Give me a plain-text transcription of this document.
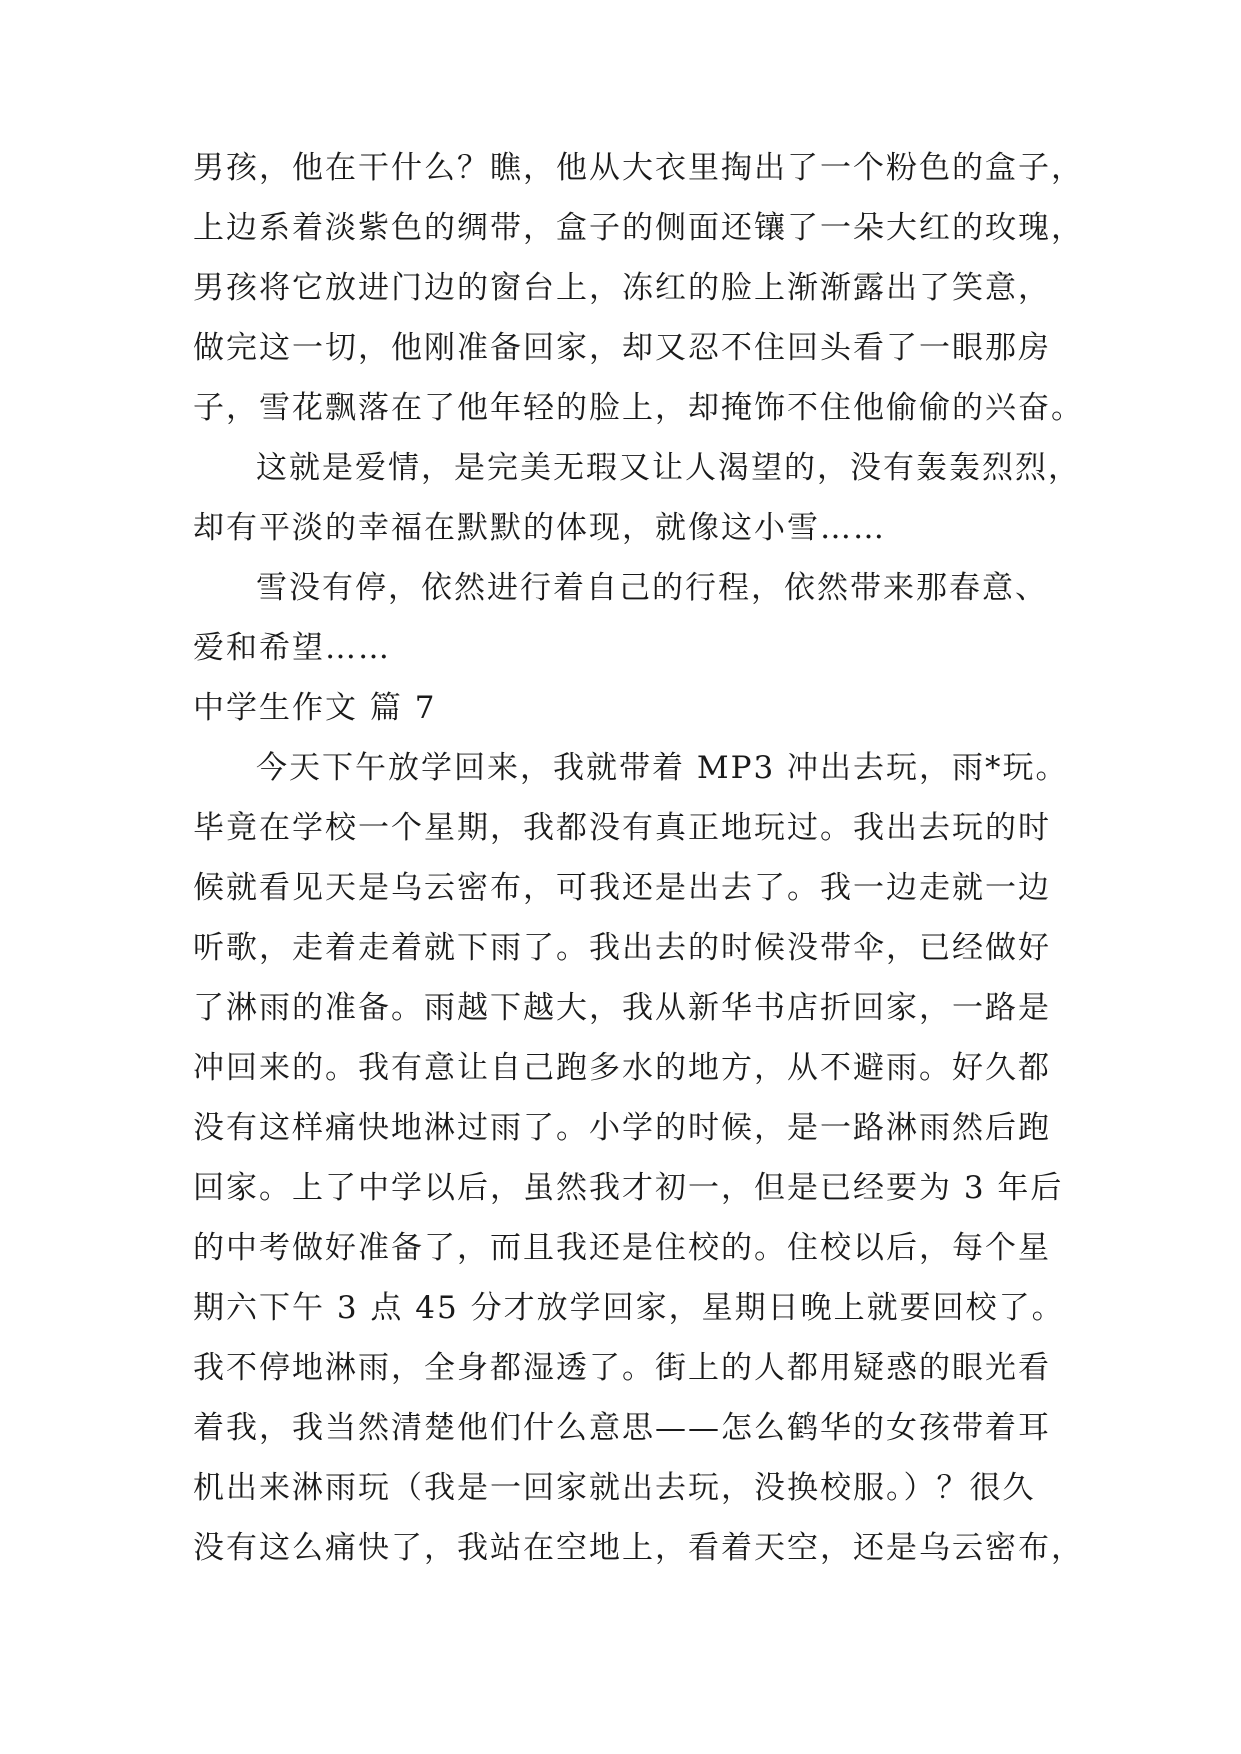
男孩，他在干什么？瞧，他从大衣里掏出了一个粉色的盒子，
上边系着淡紫色的绸带，盒子的侧面还镶了一朵大红的玫瑰，
男孩将它放进门边的窗台上，冻红的脸上渐渐露出了笑意，
做完这一切，他刚准备回家，却又忍不住回头看了一眼那房
子，雪花飘落在了他年轻的脸上，却掩饰不住他偷偷的兴奋。
这就是爱情，是完美无瑕又让人渴望的，没有轰轰烈烈，
却有平淡的幸福在默默的体现，就像这小雪……
雪没有停，依然进行着自己的行程，依然带来那春意、
爱和希望……
中学生作文 篇 7
今天下午放学回来，我就带着 MP3 冲出去玩，雨*玩。
毕竟在学校一个星期，我都没有真正地玩过。我出去玩的时
候就看见天是乌云密布，可我还是出去了。我一边走就一边
听歌，走着走着就下雨了。我出去的时候没带伞，已经做好
了淋雨的准备。雨越下越大，我从新华书店折回家，一路是
冲回来的。我有意让自己跑多水的地方，从不避雨。好久都
没有这样痛快地淋过雨了。小学的时候，是一路淋雨然后跑
回家。上了中学以后，虽然我才初一，但是已经要为 3 年后
的中考做好准备了，而且我还是住校的。住校以后，每个星
期六下午 3 点 45 分才放学回家，星期日晚上就要回校了。
我不停地淋雨，全身都湿透了。街上的人都用疑惑的眼光看
着我，我当然清楚他们什么意思——怎么鹤华的女孩带着耳
机出来淋雨玩（我是一回家就出去玩，没换校服。）？很久
没有这么痛快了，我站在空地上，看着天空，还是乌云密布，
